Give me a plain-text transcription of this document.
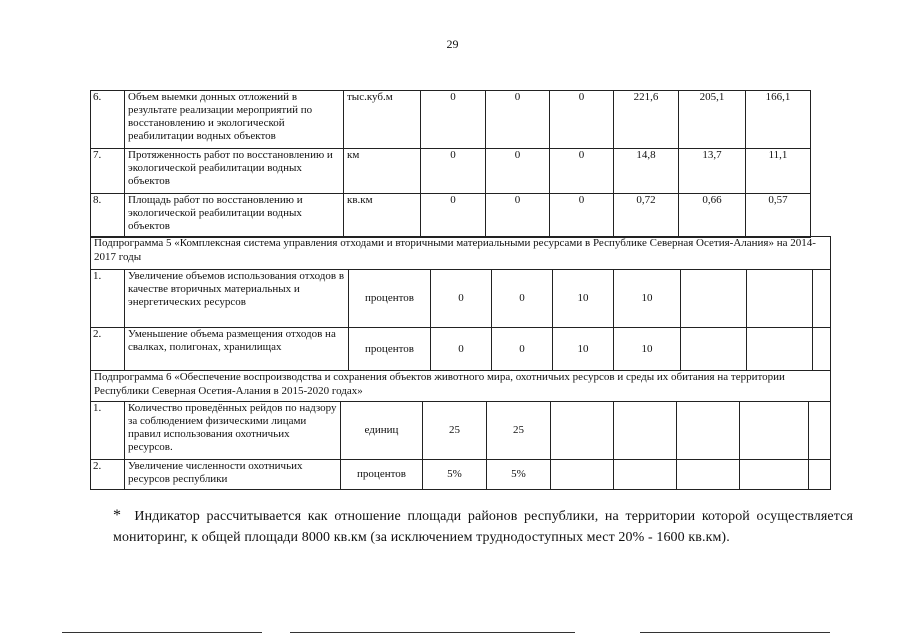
29
6.	Объем выемки донных отложений в результате реализации мероприятий по восстановлению и экологической реабилитации водных объектов	тыс.куб.м	0	0	0	221,6	205,1	166,1
7.	Протяженность работ по восстановлению и экологической реабилитации водных объектов	км	0	0	0	14,8	13,7	11,1
8.	Площадь работ по восстановлению и экологической реабилитации водных объектов	кв.км	0	0	0	0,72	0,66	0,57
Подпрограмма 5 «Комплексная система управления отходами и вторичными материальными ресурсами в Республике Северная Осетия-Алания» на 2014-2017 годы									
1.	Увеличение объемов использования отходов в качестве вторичных материальных и энергетических ресурсов	процентов	0	0	10	10			
2.	Уменьшение объема размещения отходов на свалках, полигонах, хранилищах	процентов	0	0	10	10			
Подпрограмма 6 «Обеспечение воспроизводства и сохранения объектов животного мира, охотничьих ресурсов и среды их обитания на территории Республики Северная Осетия-Алания в 2015-2020 годах»									
1.	Количество проведённых рейдов по надзору за соблюдением физическими лицами правил использования охотничьих ресурсов.	единиц	25	25					
2.	Увеличение численности охотничьих ресурсов республики	процентов	5%	5%					
* Индикатор рассчитывается как отношение площади районов республики, на территории которой осуществляется мониторинг, к общей площади 8000 кв.км (за исключением труднодоступных мест 20% - 1600 кв.км).
